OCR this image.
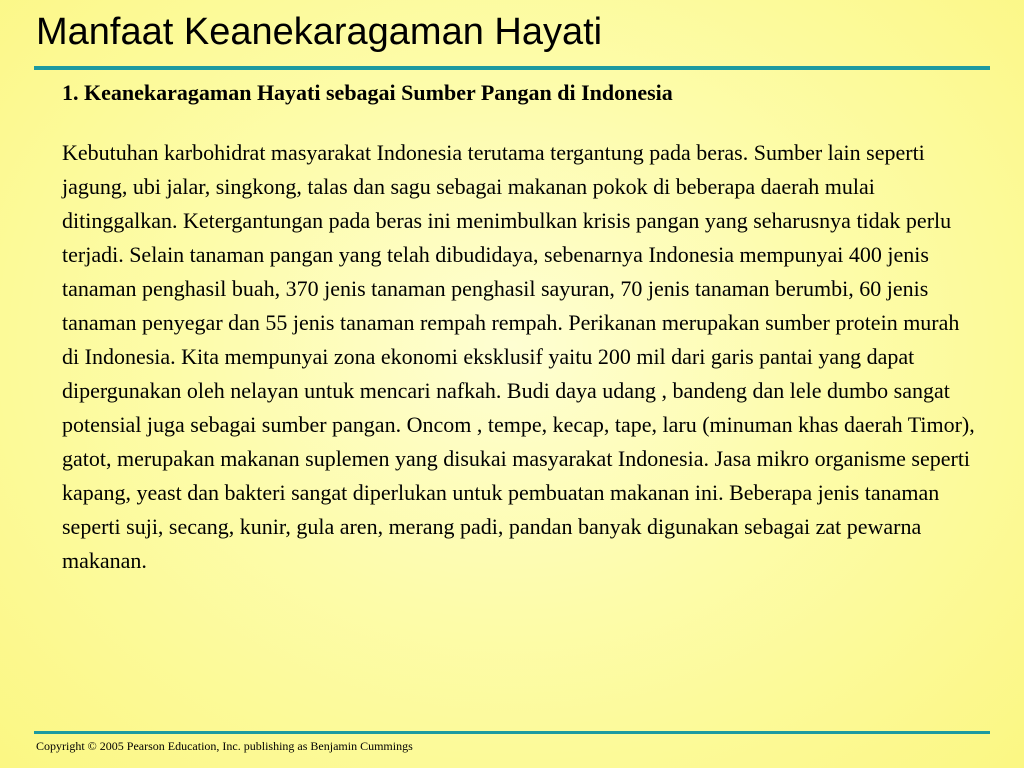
Manfaat Keanekaragaman Hayati

1. Keanekaragaman Hayati sebagai Sumber Pangan di Indonesia

Kebutuhan karbohidrat masyarakat Indonesia terutama tergantung pada beras. Sumber lain seperti jagung, ubi jalar, singkong, talas dan sagu sebagai makanan pokok di beberapa daerah mulai ditinggalkan. Ketergantungan pada beras ini menimbulkan krisis pangan yang seharusnya tidak perlu terjadi. Selain tanaman pangan yang telah dibudidaya, sebenarnya Indonesia mempunyai 400 jenis tanaman penghasil buah, 370 jenis tanaman penghasil sayuran, 70 jenis tanaman berumbi, 60 jenis tanaman penyegar dan 55 jenis tanaman rempah rempah. Perikanan merupakan sumber protein murah di Indonesia. Kita mempunyai zona ekonomi eksklusif yaitu 200 mil dari garis pantai yang dapat dipergunakan oleh nelayan untuk mencari nafkah. Budi daya udang , bandeng dan lele dumbo sangat potensial juga sebagai sumber pangan. Oncom , tempe, kecap, tape, laru (minuman khas daerah Timor), gatot, merupakan makanan suplemen yang disukai masyarakat Indonesia. Jasa mikro organisme seperti kapang, yeast dan bakteri sangat diperlukan untuk pembuatan makanan ini. Beberapa jenis tanaman seperti suji, secang, kunir, gula aren, merang padi, pandan banyak digunakan sebagai zat pewarna makanan.

Copyright © 2005 Pearson Education, Inc. publishing as Benjamin Cummings
